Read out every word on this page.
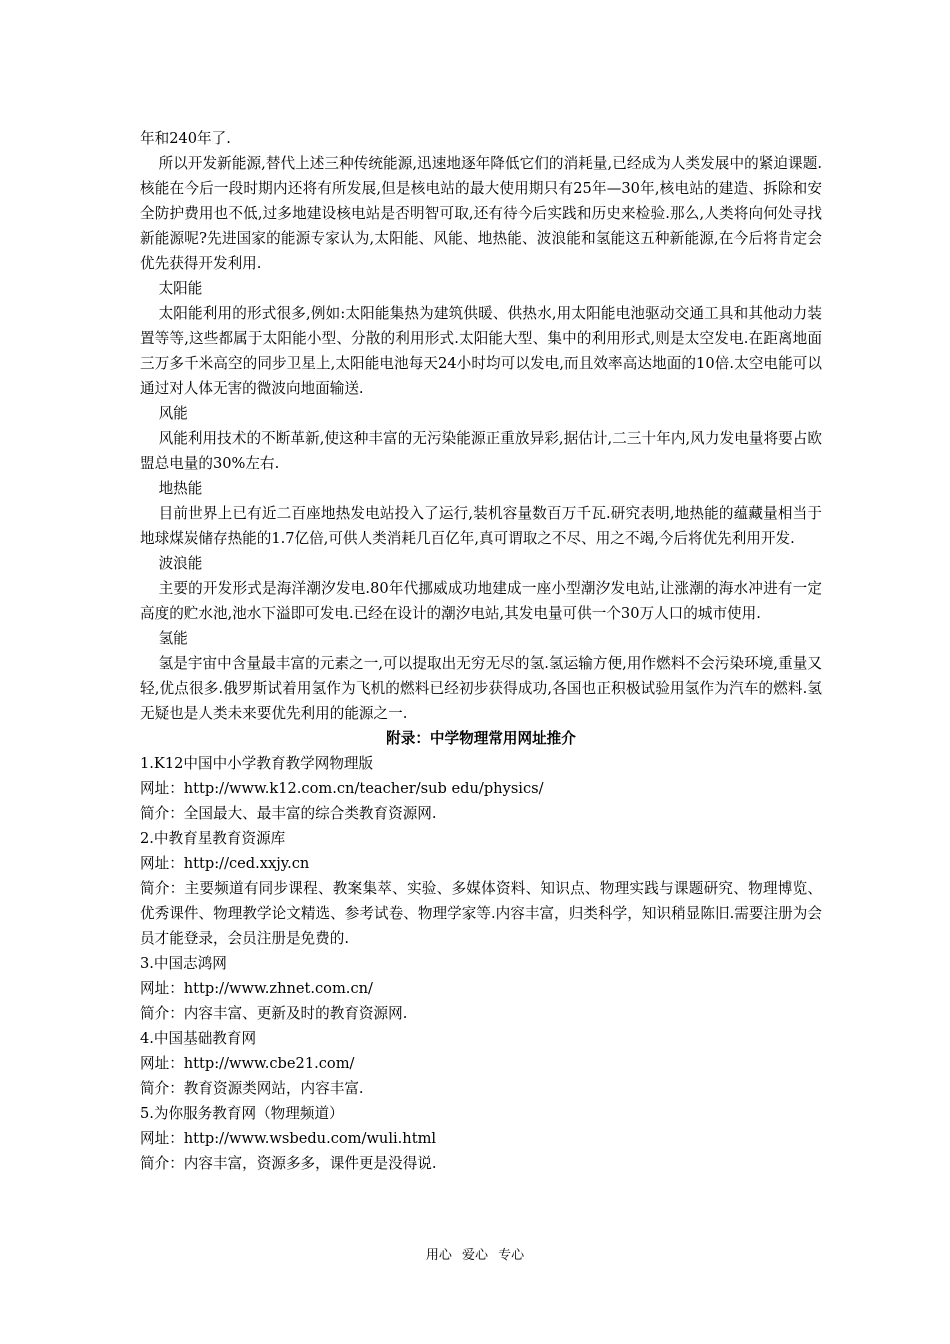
年和240年了.

所以开发新能源,替代上述三种传统能源,迅速地逐年降低它们的消耗量,已经成为人类发展中的紧迫课题.核能在今后一段时期内还将有所发展,但是核电站的最大使用期只有25年—30年,核电站的建造、拆除和安全防护费用也不低,过多地建设核电站是否明智可取,还有待今后实践和历史来检验.那么,人类将向何处寻找新能源呢?先进国家的能源专家认为,太阳能、风能、地热能、波浪能和氢能这五种新能源,在今后将肯定会优先获得开发利用.

太阳能

太阳能利用的形式很多,例如:太阳能集热为建筑供暖、供热水,用太阳能电池驱动交通工具和其他动力装置等等,这些都属于太阳能小型、分散的利用形式.太阳能大型、集中的利用形式,则是太空发电.在距离地面三万多千米高空的同步卫星上,太阳能电池每天24小时均可以发电,而且效率高达地面的10倍.太空电能可以通过对人体无害的微波向地面输送.

风能

风能利用技术的不断革新,使这种丰富的无污染能源正重放异彩,据估计,二三十年内,风力发电量将要占欧盟总电量的30%左右.

地热能

目前世界上已有近二百座地热发电站投入了运行,装机容量数百万千瓦.研究表明,地热能的蕴藏量相当于地球煤炭储存热能的1.7亿倍,可供人类消耗几百亿年,真可谓取之不尽、用之不竭,今后将优先利用开发.

波浪能

主要的开发形式是海洋潮汐发电.80年代挪威成功地建成一座小型潮汐发电站,让涨潮的海水冲进有一定高度的贮水池,池水下溢即可发电.已经在设计的潮汐电站,其发电量可供一个30万人口的城市使用.

氢能

氢是宇宙中含量最丰富的元素之一,可以提取出无穷无尽的氢.氢运输方便,用作燃料不会污染环境,重量又轻,优点很多.俄罗斯试着用氢作为飞机的燃料已经初步获得成功,各国也正积极试验用氢作为汽车的燃料.氢无疑也是人类未来要优先利用的能源之一.

附录：中学物理常用网址推介

1.K12中国中小学教育教学网物理版

网址：http://www.k12.com.cn/teacher/sub edu/physics/

简介：全国最大、最丰富的综合类教育资源网.

2.中教育星教育资源库

网址：http://ced.xxjy.cn

简介：主要频道有同步课程、教案集萃、实验、多媒体资料、知识点、物理实践与课题研究、物理博览、优秀课件、物理教学论文精选、参考试卷、物理学家等.内容丰富，归类科学，知识稍显陈旧.需要注册为会员才能登录，会员注册是免费的.

3.中国志鸿网

网址：http://www.zhnet.com.cn/

简介：内容丰富、更新及时的教育资源网.

4.中国基础教育网

网址：http://www.cbe21.com/

简介：教育资源类网站，内容丰富.

5.为你服务教育网（物理频道）

网址：http://www.wsbedu.com/wuli.html

简介：内容丰富，资源多多，课件更是没得说.

用心 爱心 专心
